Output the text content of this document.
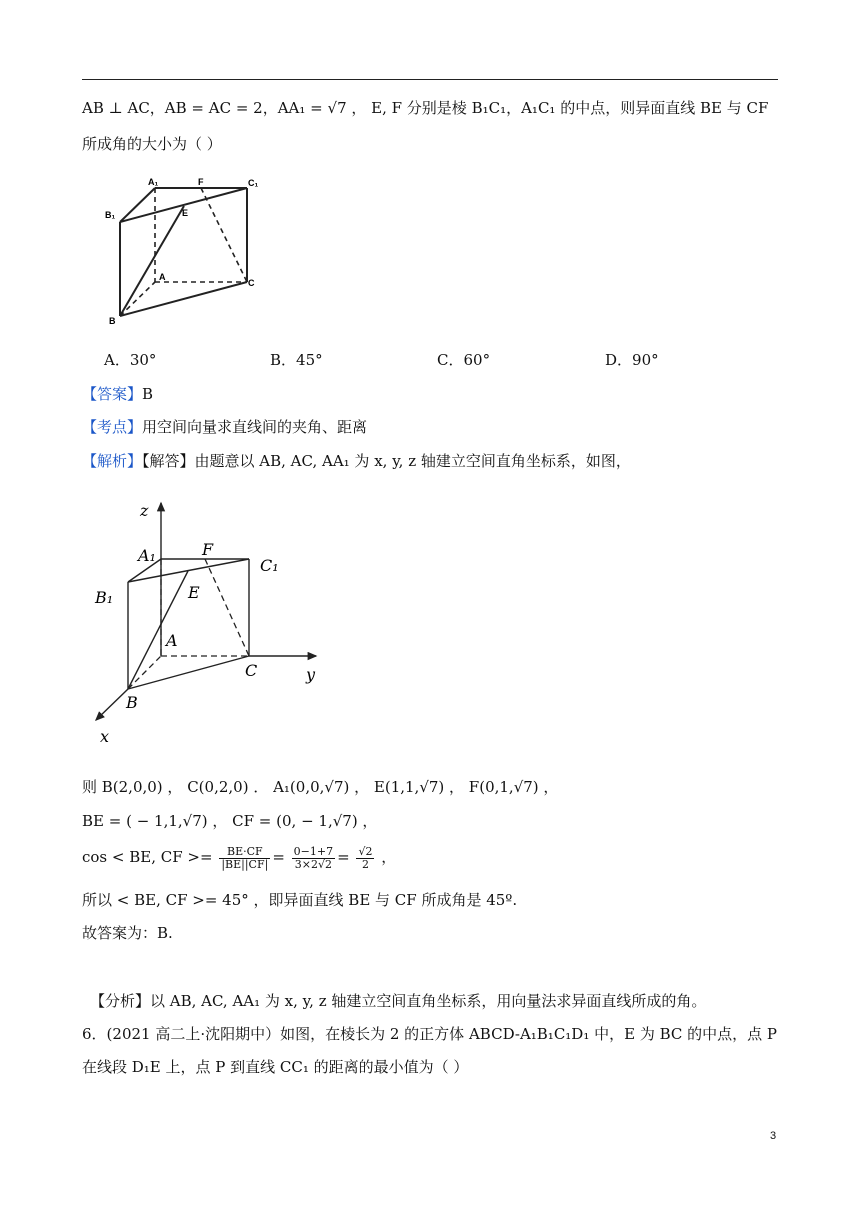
AB ⊥ AC，AB = AC = 2，AA₁ = √7 ， E, F 分别是棱 B₁C₁，A₁C₁ 的中点，则异面直线 BE 与 CF
所成角的大小为（ ）
A₁	F	C₁
B₁	E
A
C
B
A．30°	B．45°	C．60°	D．90°
【答案】B
【考点】用空间向量求直线间的夹角、距离
【解析】【解答】由题意以 AB, AC, AA₁ 为 x, y, z 轴建立空间直角坐标系，如图，
z
A₁	F
C₁
B₁	E
A
C	y
B
x
则 B(2,0,0) ， C(0,2,0) ． A₁(0,0,√7) ， E(1,1,√7) ， F(0,1,√7) ，
BE = ( − 1,1,√7) ， CF = (0, − 1,√7) ，
cos < BE, CF >= $\frac{BE\cdot CF}{|BE||CF|} = \frac{0-1+7}{3\times 2√2} = \frac{√2}{2}$ ，
所以 < BE, CF >= 45° ，即异面直线 BE 与 CF 所成角是 45º.
故答案为：B.
【分析】以 AB, AC, AA₁ 为 x, y, z 轴建立空间直角坐标系，用向量法求异面直线所成的角。
6．(2021 高二上·沈阳期中）如图，在棱长为 2 的正方体 ABCD-A₁B₁C₁D₁ 中，E 为 BC 的中点，点 P
在线段 D₁E 上，点 P 到直线 CC₁ 的距离的最小值为（ ）
3
